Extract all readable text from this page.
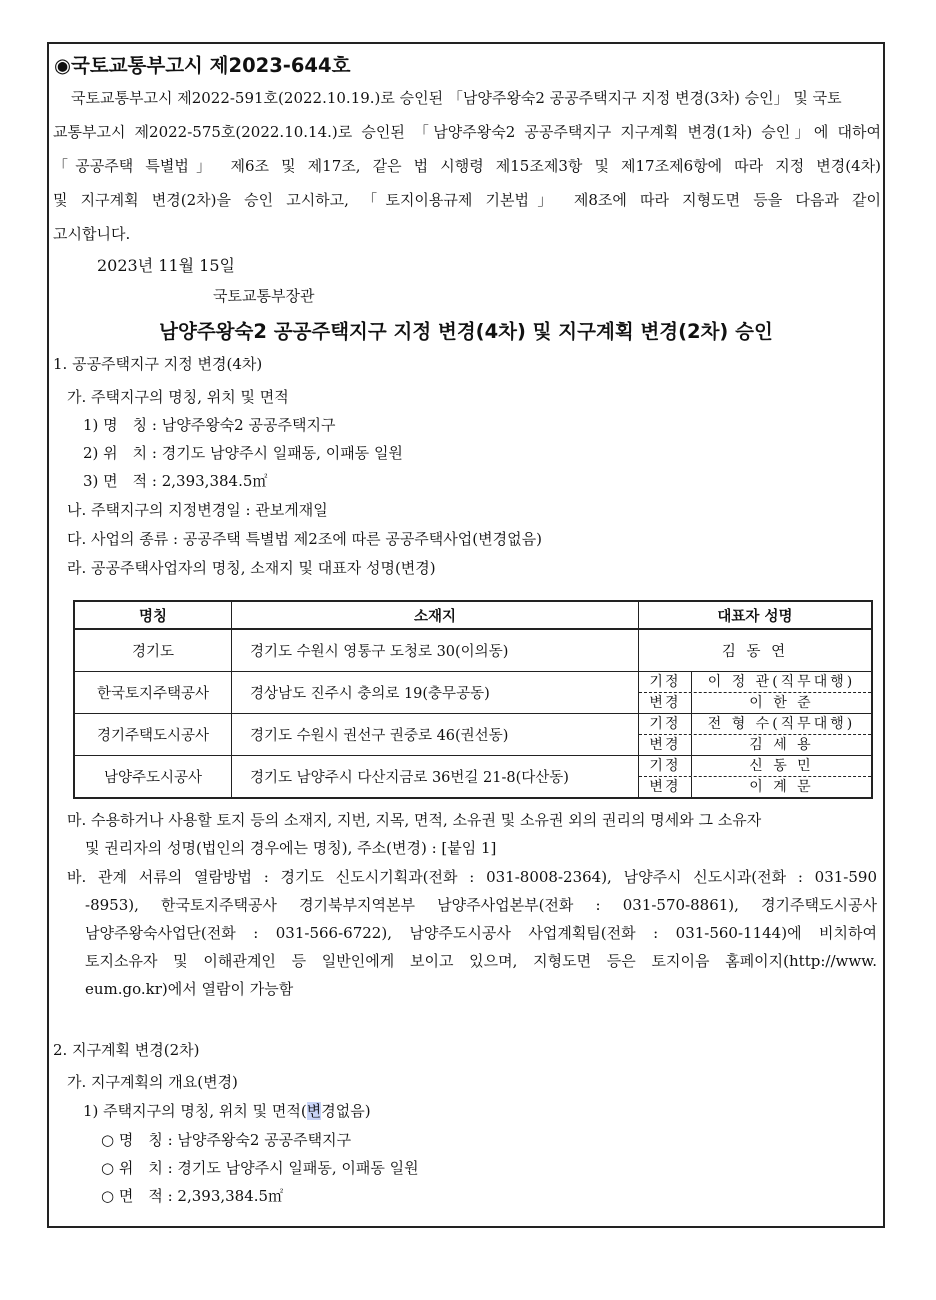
◉국토교통부고시 제2023-644호
국토교통부고시 제2022-591호(2022.10.19.)로 승인된 「남양주왕숙2 공공주택지구 지정 변경(3차) 승인」 및 국토
교통부고시 제2022-575호(2022.10.14.)로 승인된 「남양주왕숙2 공공주택지구 지구계획 변경(1차) 승인」에 대하여
「공공주택 특별법」 제6조 및 제17조, 같은 법 시행령 제15조제3항 및 제17조제6항에 따라 지정 변경(4차)
및 지구계획 변경(2차)을 승인 고시하고, 「토지이용규제 기본법」 제8조에 따라 지형도면 등을 다음과 같이
고시합니다.
2023년 11월 15일
국토교통부장관
남양주왕숙2 공공주택지구 지정 변경(4차) 및 지구계획 변경(2차) 승인
1. 공공주택지구 지정 변경(4차)
가. 주택지구의 명칭, 위치 및 면적
1) 명　칭 : 남양주왕숙2 공공주택지구
2) 위　치 : 경기도 남양주시 일패동, 이패동 일원
3) 면　적 : 2,393,384.5㎡
나. 주택지구의 지정변경일 : 관보게재일
다. 사업의 종류 : 공공주택 특별법 제2조에 따른 공공주택사업(변경없음)
라. 공공주택사업자의 명칭, 소재지 및 대표자 성명(변경)
명칭	소재지	대표자 성명
경기도	경기도 수원시 영통구 도청로 30(이의동)	김 동 연
한국토지주택공사	경상남도 진주시 충의로 19(충무공동)	기정 이 정 관(직무대행)
변경 이 한 준

경기주택도시공사	경기도 수원시 권선구 권중로 46(권선동)	기정 전 형 수(직무대행)
변경 김 세 용

남양주도시공사	경기도 남양주시 다산지금로 36번길 21-8(다산동)	기정 신 동 민
변경 이 계 문
마. 수용하거나 사용할 토지 등의 소재지, 지번, 지목, 면적, 소유권 및 소유권 외의 권리의 명세와 그 소유자
및 권리자의 성명(법인의 경우에는 명칭), 주소(변경) : [붙임 1]
바. 관계 서류의 열람방법 : 경기도 신도시기획과(전화 : 031-8008-2364), 남양주시 신도시과(전화 : 031-590
-8953), 한국토지주택공사 경기북부지역본부 남양주사업본부(전화 : 031-570-8861), 경기주택도시공사
남양주왕숙사업단(전화 : 031-566-6722), 남양주도시공사 사업계획팀(전화 : 031-560-1144)에 비치하여
토지소유자 및 이해관계인 등 일반인에게 보이고 있으며, 지형도면 등은 토지이음 홈페이지(http://www.
eum.go.kr)에서 열람이 가능함
2. 지구계획 변경(2차)
가. 지구계획의 개요(변경)
1) 주택지구의 명칭, 위치 및 면적(변경없음)
○ 명　칭 : 남양주왕숙2 공공주택지구
○ 위　치 : 경기도 남양주시 일패동, 이패동 일원
○ 면　적 : 2,393,384.5㎡
